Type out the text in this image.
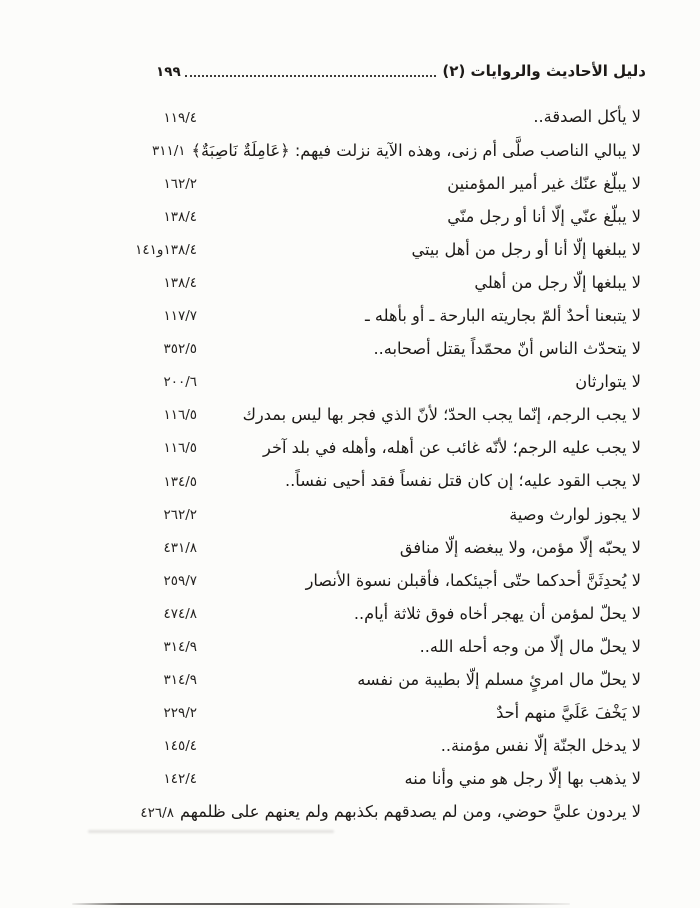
دليل الأحاديث والروايات (٢)
١٩٩
لا يأكل الصدقة..
١١٩/٤
لا يبالي الناصب صلَّى أم زنى، وهذه الآية نزلت فيهم: ﴿عَامِلَةٌ نَاصِبَةٌ﴾
٣١١/١
لا يبلّغ عنّك غير أمير المؤمنين
١٦٢/٢
لا يبلّغ عنّي إلّا أنا أو رجل منّي
١٣٨/٤
لا يبلغها إلّا أنا أو رجل من أهل بيتي
١٣٨/٤و١٤١
لا يبلغها إلّا رجل من أهلي
١٣٨/٤
لا يتبعنا أحدٌ ألمّ بجاريته البارحة ـ أو بأهله ـ
١١٧/٧
لا يتحدّث الناس أنّ محمّداً يقتل أصحابه..
٣٥٢/٥
لا يتوارثان
٢٠٠/٦
لا يجب الرجم، إنّما يجب الحدّ؛ لأنّ الذي فجر بها ليس بمدرك
١١٦/٥
لا يجب عليه الرجم؛ لأنّه غائب عن أهله، وأهله في بلد آخر
١١٦/٥
لا يجب القود عليه؛ إن كان قتل نفساً فقد أحيى نفساً..
١٣٤/٥
لا يجوز لوارث وصية
٢٦٢/٢
لا يحبّه إلّا مؤمن، ولا يبغضه إلّا منافق
٤٣١/٨
لا يُحدِثَنَّ أحدكما حتّى أجيئكما، فأقبلن نسوة الأنصار
٢٥٩/٧
لا يحلّ لمؤمن أن يهجر أخاه فوق ثلاثة أيام..
٤٧٤/٨
لا يحلّ مال إلّا من وجه أحله الله..
٣١٤/٩
لا يحلّ مال امرئٍ مسلم إلّا بطيبة من نفسه
٣١٤/٩
لا يَخْفَ عَلَيَّ منهم أحدٌ
٢٢٩/٢
لا يدخل الجنّة إلّا نفس مؤمنة..
١٤٥/٤
لا يذهب بها إلّا رجل هو مني وأنا منه
١٤٢/٤
لا يردون عليَّ حوضي، ومن لم يصدقهم بكذبهم ولم يعنهم على ظلمهم
٤٢٦/٨
